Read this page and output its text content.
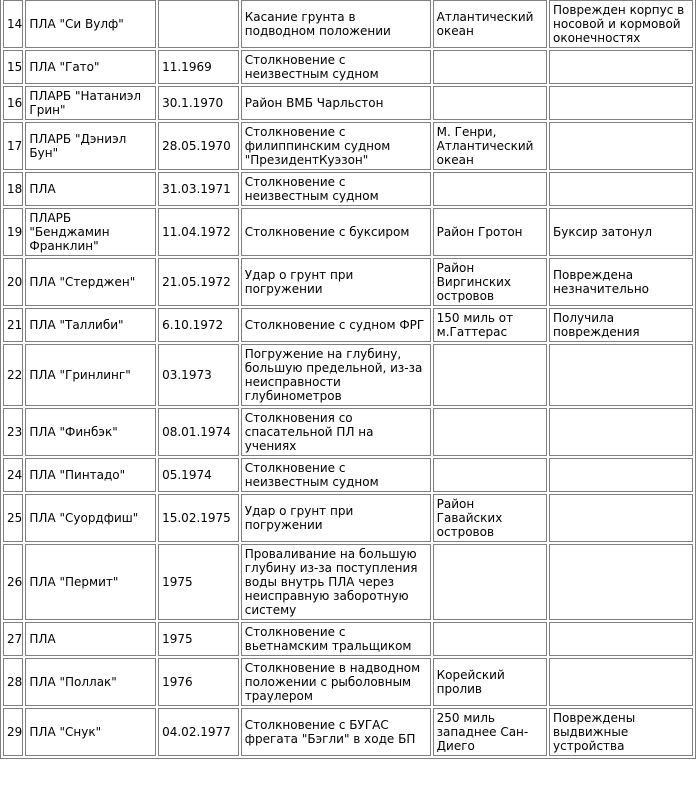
14	ПЛА "Си Вулф"		Касание грунта в подводном положении	Атлантический океан	Поврежден корпус в носовой и кормовой оконечностях
15	ПЛА "Гато"	11.1969	Столкновение с неизвестным судном		
16	ПЛАРБ "Натаниэл Грин"	30.1.1970	Район ВМБ Чарльстон		
17	ПЛАРБ "Дэниэл Бун"	28.05.1970	Столкновение с филиппинским судном "ПрезидентКуэзон"	М. Генри, Атлантический океан	
18	ПЛА	31.03.1971	Столкновение с неизвестным судном		
19	ПЛАРБ "Бенджамин Франклин"	11.04.1972	Столкновение с буксиром	Район Гротон	Буксир затонул
20	ПЛА "Стерджен"	21.05.1972	Удар о грунт при погружении	Район Виргинских островов	Повреждена незначительно
21	ПЛА "Таллиби"	6.10.1972	Столкновение с судном ФРГ	150 миль от м.Гаттерас	Получила повреждения
22	ПЛА "Гринлинг"	03.1973	Погружение на глубину, большую предельной, из-за неисправности глубинометров		
23	ПЛА "Финбэк"	08.01.1974	Столкновения со спасательной ПЛ на учениях		
24	ПЛА "Пинтадо"	05.1974	Столкновение с неизвестным судном		
25	ПЛА "Суордфиш"	15.02.1975	Удар о грунт при погружении	Район Гавайских островов	
26	ПЛА "Пермит"	1975	Проваливание на большую глубину из-за поступления воды внутрь ПЛА через неисправную заборотную систему		
27	ПЛА	1975	Столкновение с вьетнамским тральщиком		
28	ПЛА "Поллак"	1976	Столкновение в надводном положении с рыболовным траулером	Корейский пролив	
29	ПЛА "Снук"	04.02.1977	Столкновение с БУГАС фрегата "Бэгли" в ходе БП	250 миль западнее Сан-Диего	Повреждены выдвижные устройства
